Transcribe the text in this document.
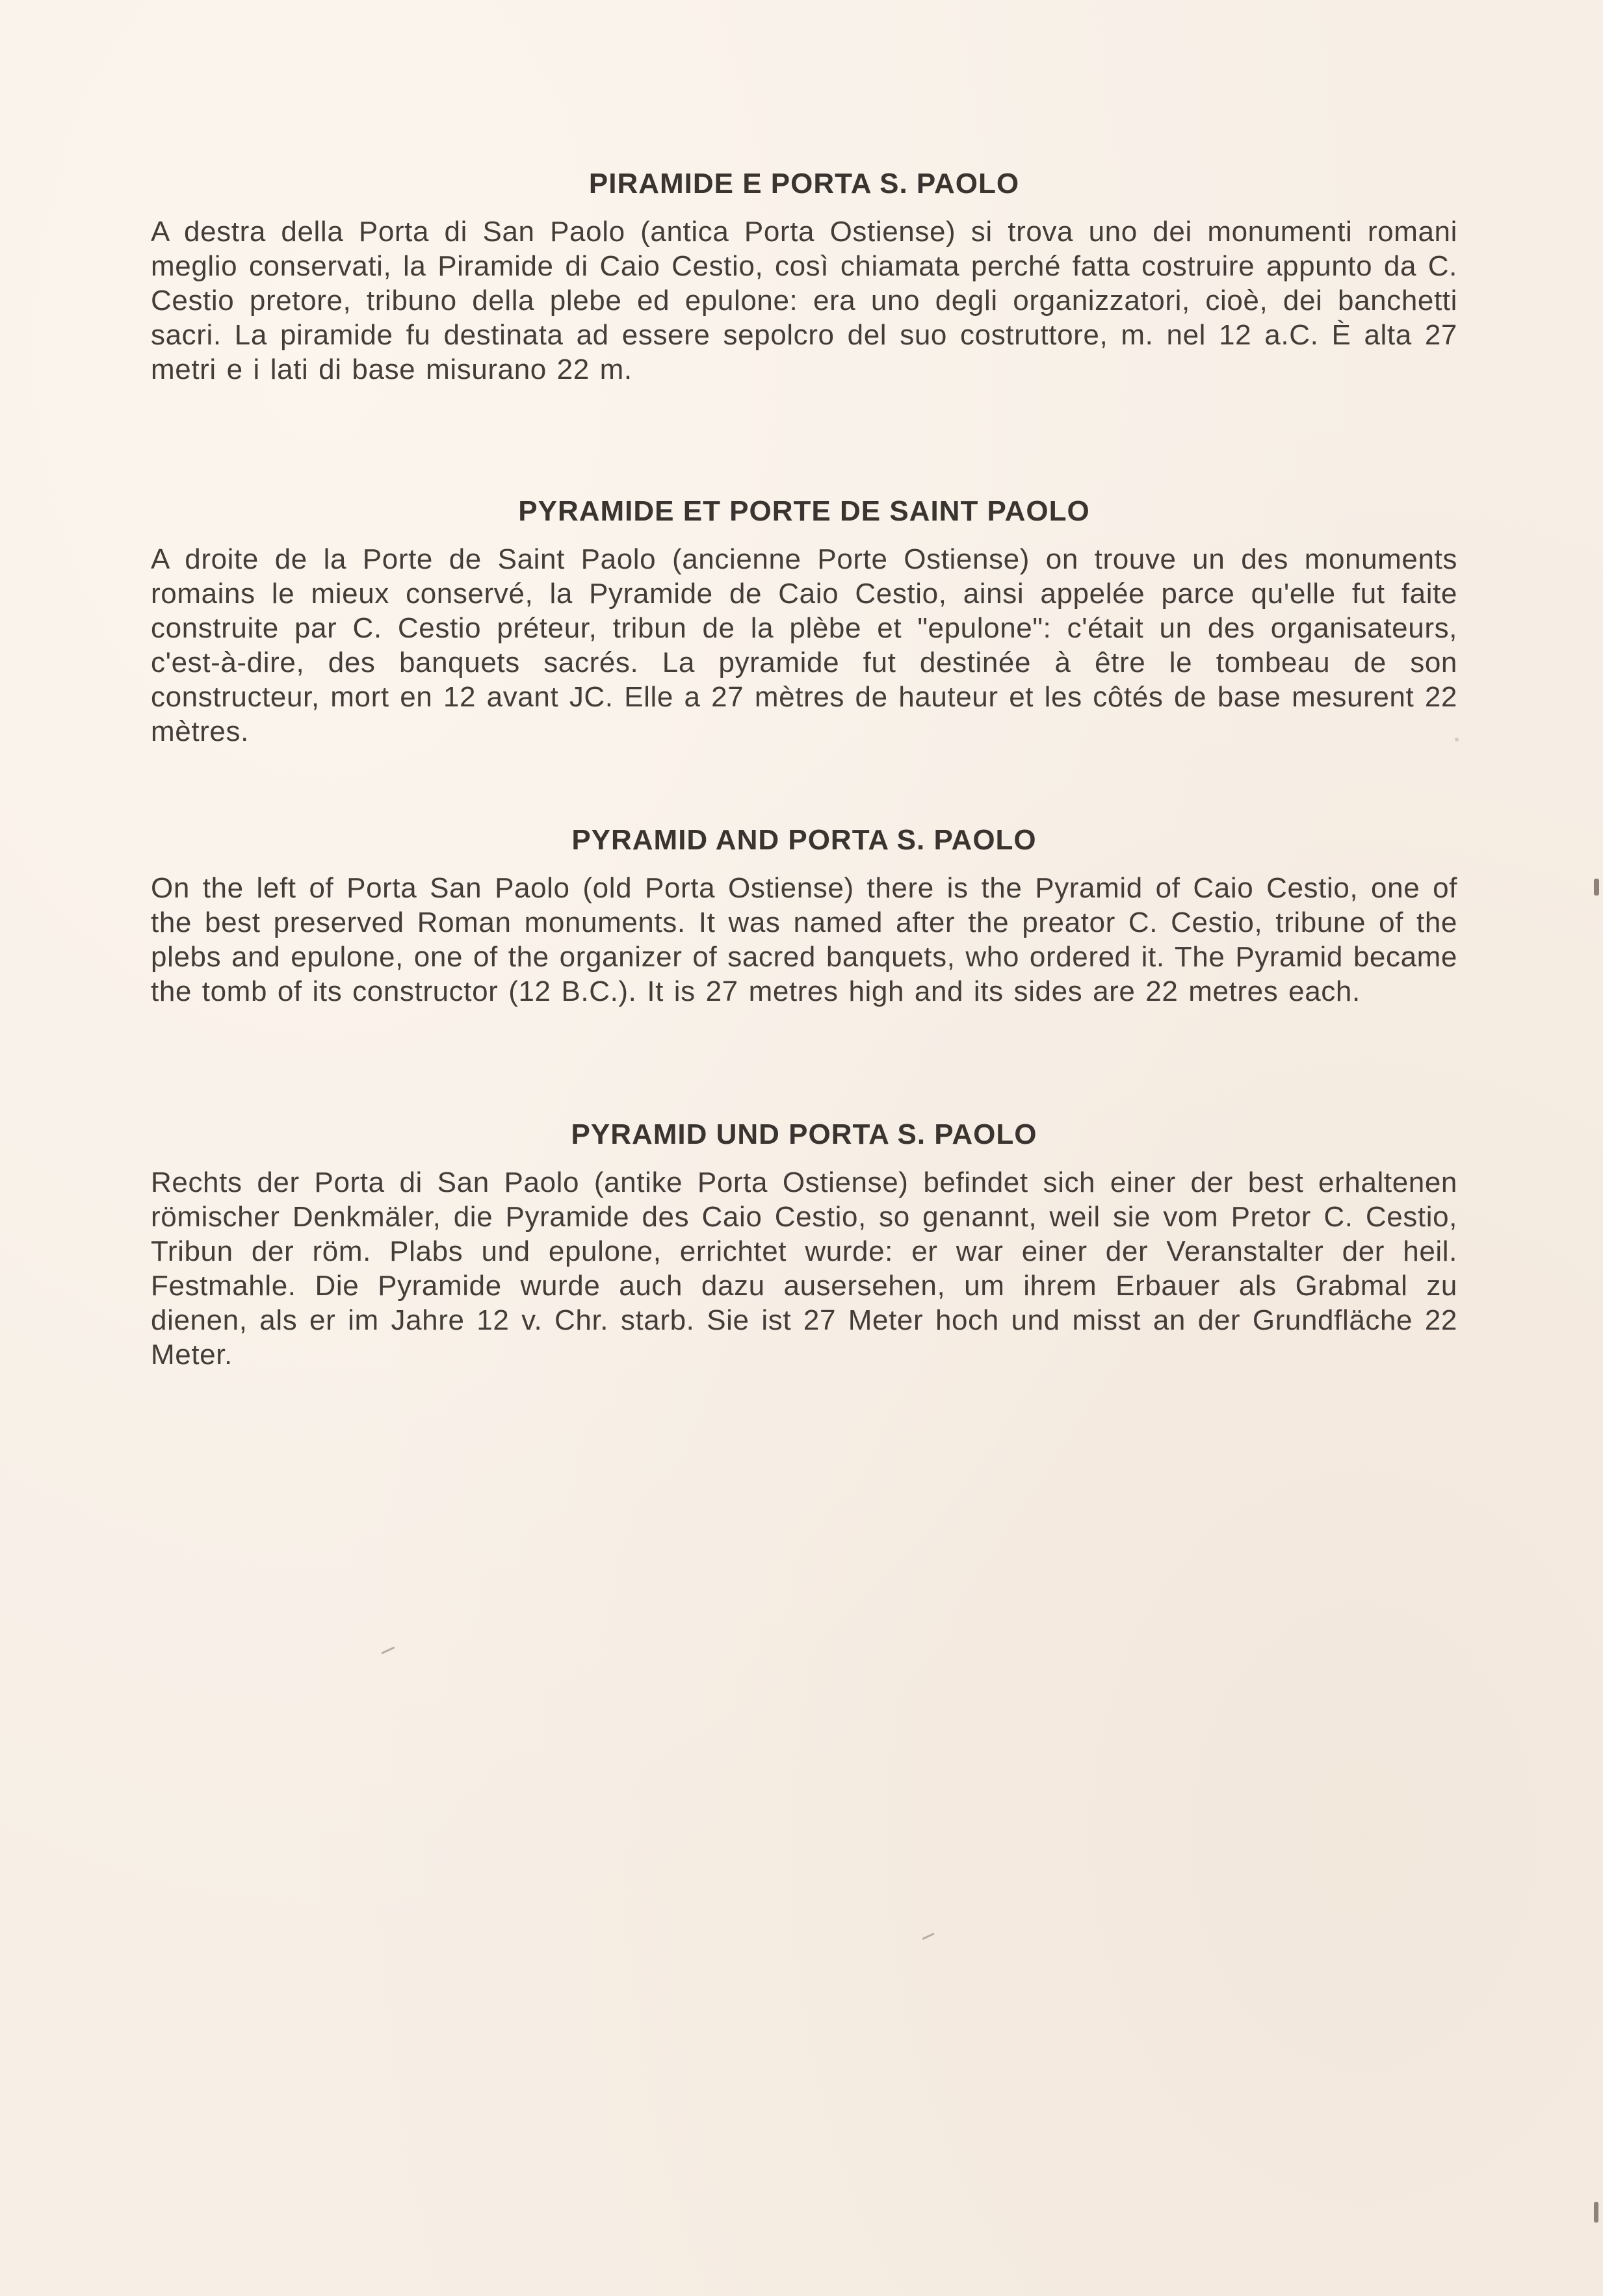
PIRAMIDE E PORTA S. PAOLO

A destra della Porta di San Paolo (antica Porta Ostiense) si trova uno dei monumenti romani meglio conservati, la Piramide di Caio Cestio, così chiamata perché fatta costruire appunto da C. Cestio pretore, tribuno della plebe ed epulone: era uno degli organizzatori, cioè, dei banchetti sacri. La piramide fu destinata ad essere sepolcro del suo costruttore, m. nel 12 a.C. È alta 27 metri e i lati di base misurano 22 m.

PYRAMIDE ET PORTE DE SAINT PAOLO

A droite de la Porte de Saint Paolo (ancienne Porte Ostiense) on trouve un des monuments romains le mieux conservé, la Pyramide de Caio Cestio, ainsi appelée parce qu'elle fut faite construite par C. Cestio préteur, tribun de la plèbe et "epulone": c'était un des organisateurs, c'est-à-dire, des banquets sacrés. La pyramide fut destinée à être le tombeau de son constructeur, mort en 12 avant JC. Elle a 27 mètres de hauteur et les côtés de base mesurent 22 mètres.

PYRAMID AND PORTA S. PAOLO

On the left of Porta San Paolo (old Porta Ostiense) there is the Pyramid of Caio Cestio, one of the best preserved Roman monuments. It was named after the preator C. Cestio, tribune of the plebs and epulone, one of the organizer of sacred banquets, who ordered it. The Pyramid became the tomb of its constructor (12 B.C.). It is 27 metres high and its sides are 22 metres each.

PYRAMID UND PORTA S. PAOLO

Rechts der Porta di San Paolo (antike Porta Ostiense) befindet sich einer der best erhaltenen römischer Denkmäler, die Pyramide des Caio Cestio, so genannt, weil sie vom Pretor C. Cestio, Tribun der röm. Plabs und epulone, errichtet wurde: er war einer der Veranstalter der heil. Festmahle. Die Pyramide wurde auch dazu ausersehen, um ihrem Erbauer als Grabmal zu dienen, als er im Jahre 12 v. Chr. starb. Sie ist 27 Meter hoch und misst an der Grundfläche 22 Meter.
